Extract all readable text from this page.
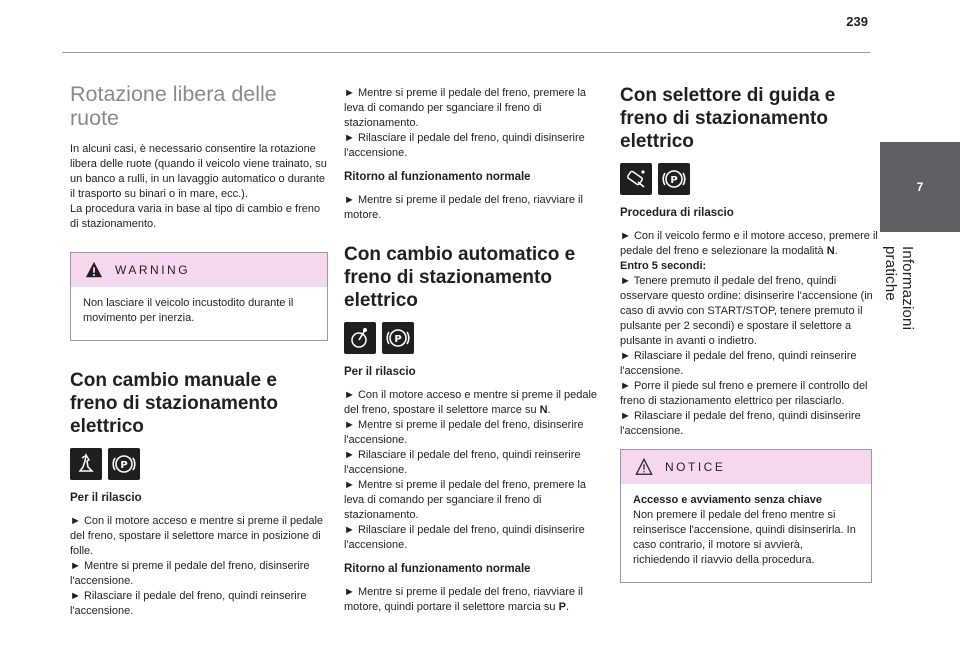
239
7
Informazioni pratiche
Rotazione libera delle ruote

In alcuni casi, è necessario consentire la rotazione libera delle ruote (quando il veicolo viene trainato, su un banco a rulli, in un lavaggio automatico o durante il trasporto su binari o in mare, ecc.).

La procedura varia in base al tipo di cambio e freno di stazionamento.

WARNING

Non lasciare il veicolo incustodito durante il movimento per inerzia.

Con cambio manuale e freno di stazionamento elettrico
P
Per il rilascio

► Con il motore acceso e mentre si preme il pedale del freno, spostare il selettore marce in posizione di folle.

► Mentre si preme il pedale del freno, disinserire l'accensione.

► Rilasciare il pedale del freno, quindi reinserire l'accensione.

► Mentre si preme il pedale del freno, premere la leva di comando per sganciare il freno di stazionamento.

► Rilasciare il pedale del freno, quindi disinserire l'accensione.

Ritorno al funzionamento normale

► Mentre si preme il pedale del freno, riavviare il motore.

Con cambio automatico e freno di stazionamento elettrico
P
Per il rilascio

► Con il motore acceso e mentre si preme il pedale del freno, spostare il selettore marce su N.

► Mentre si preme il pedale del freno, disinserire l'accensione.

► Rilasciare il pedale del freno, quindi reinserire l'accensione.

► Mentre si preme il pedale del freno, premere la leva di comando per sganciare il freno di stazionamento.

► Rilasciare il pedale del freno, quindi disinserire l'accensione.

Ritorno al funzionamento normale

► Mentre si preme il pedale del freno, riavviare il motore, quindi portare il selettore marcia su P.

Con selettore di guida e freno di stazionamento elettrico
P
Procedura di rilascio

► Con il veicolo fermo e il motore acceso, premere il pedale del freno e selezionare la modalità N.

Entro 5 secondi:

► Tenere premuto il pedale del freno, quindi osservare questo ordine: disinserire l'accensione (in caso di avvio con START/STOP, tenere premuto il pulsante per 2 secondi) e spostare il selettore a pulsante in avanti o indietro.

► Rilasciare il pedale del freno, quindi reinserire l'accensione.

► Porre il piede sul freno e premere il controllo del freno di stazionamento elettrico per rilasciarlo.

► Rilasciare il pedale del freno, quindi disinserire l'accensione.

NOTICE

Accesso e avviamento senza chiave

Non premere il pedale del freno mentre si reinserisce l'accensione, quindi disinserirla. In caso contrario, il motore si avvierà, richiedendo il riavvio della procedura.
